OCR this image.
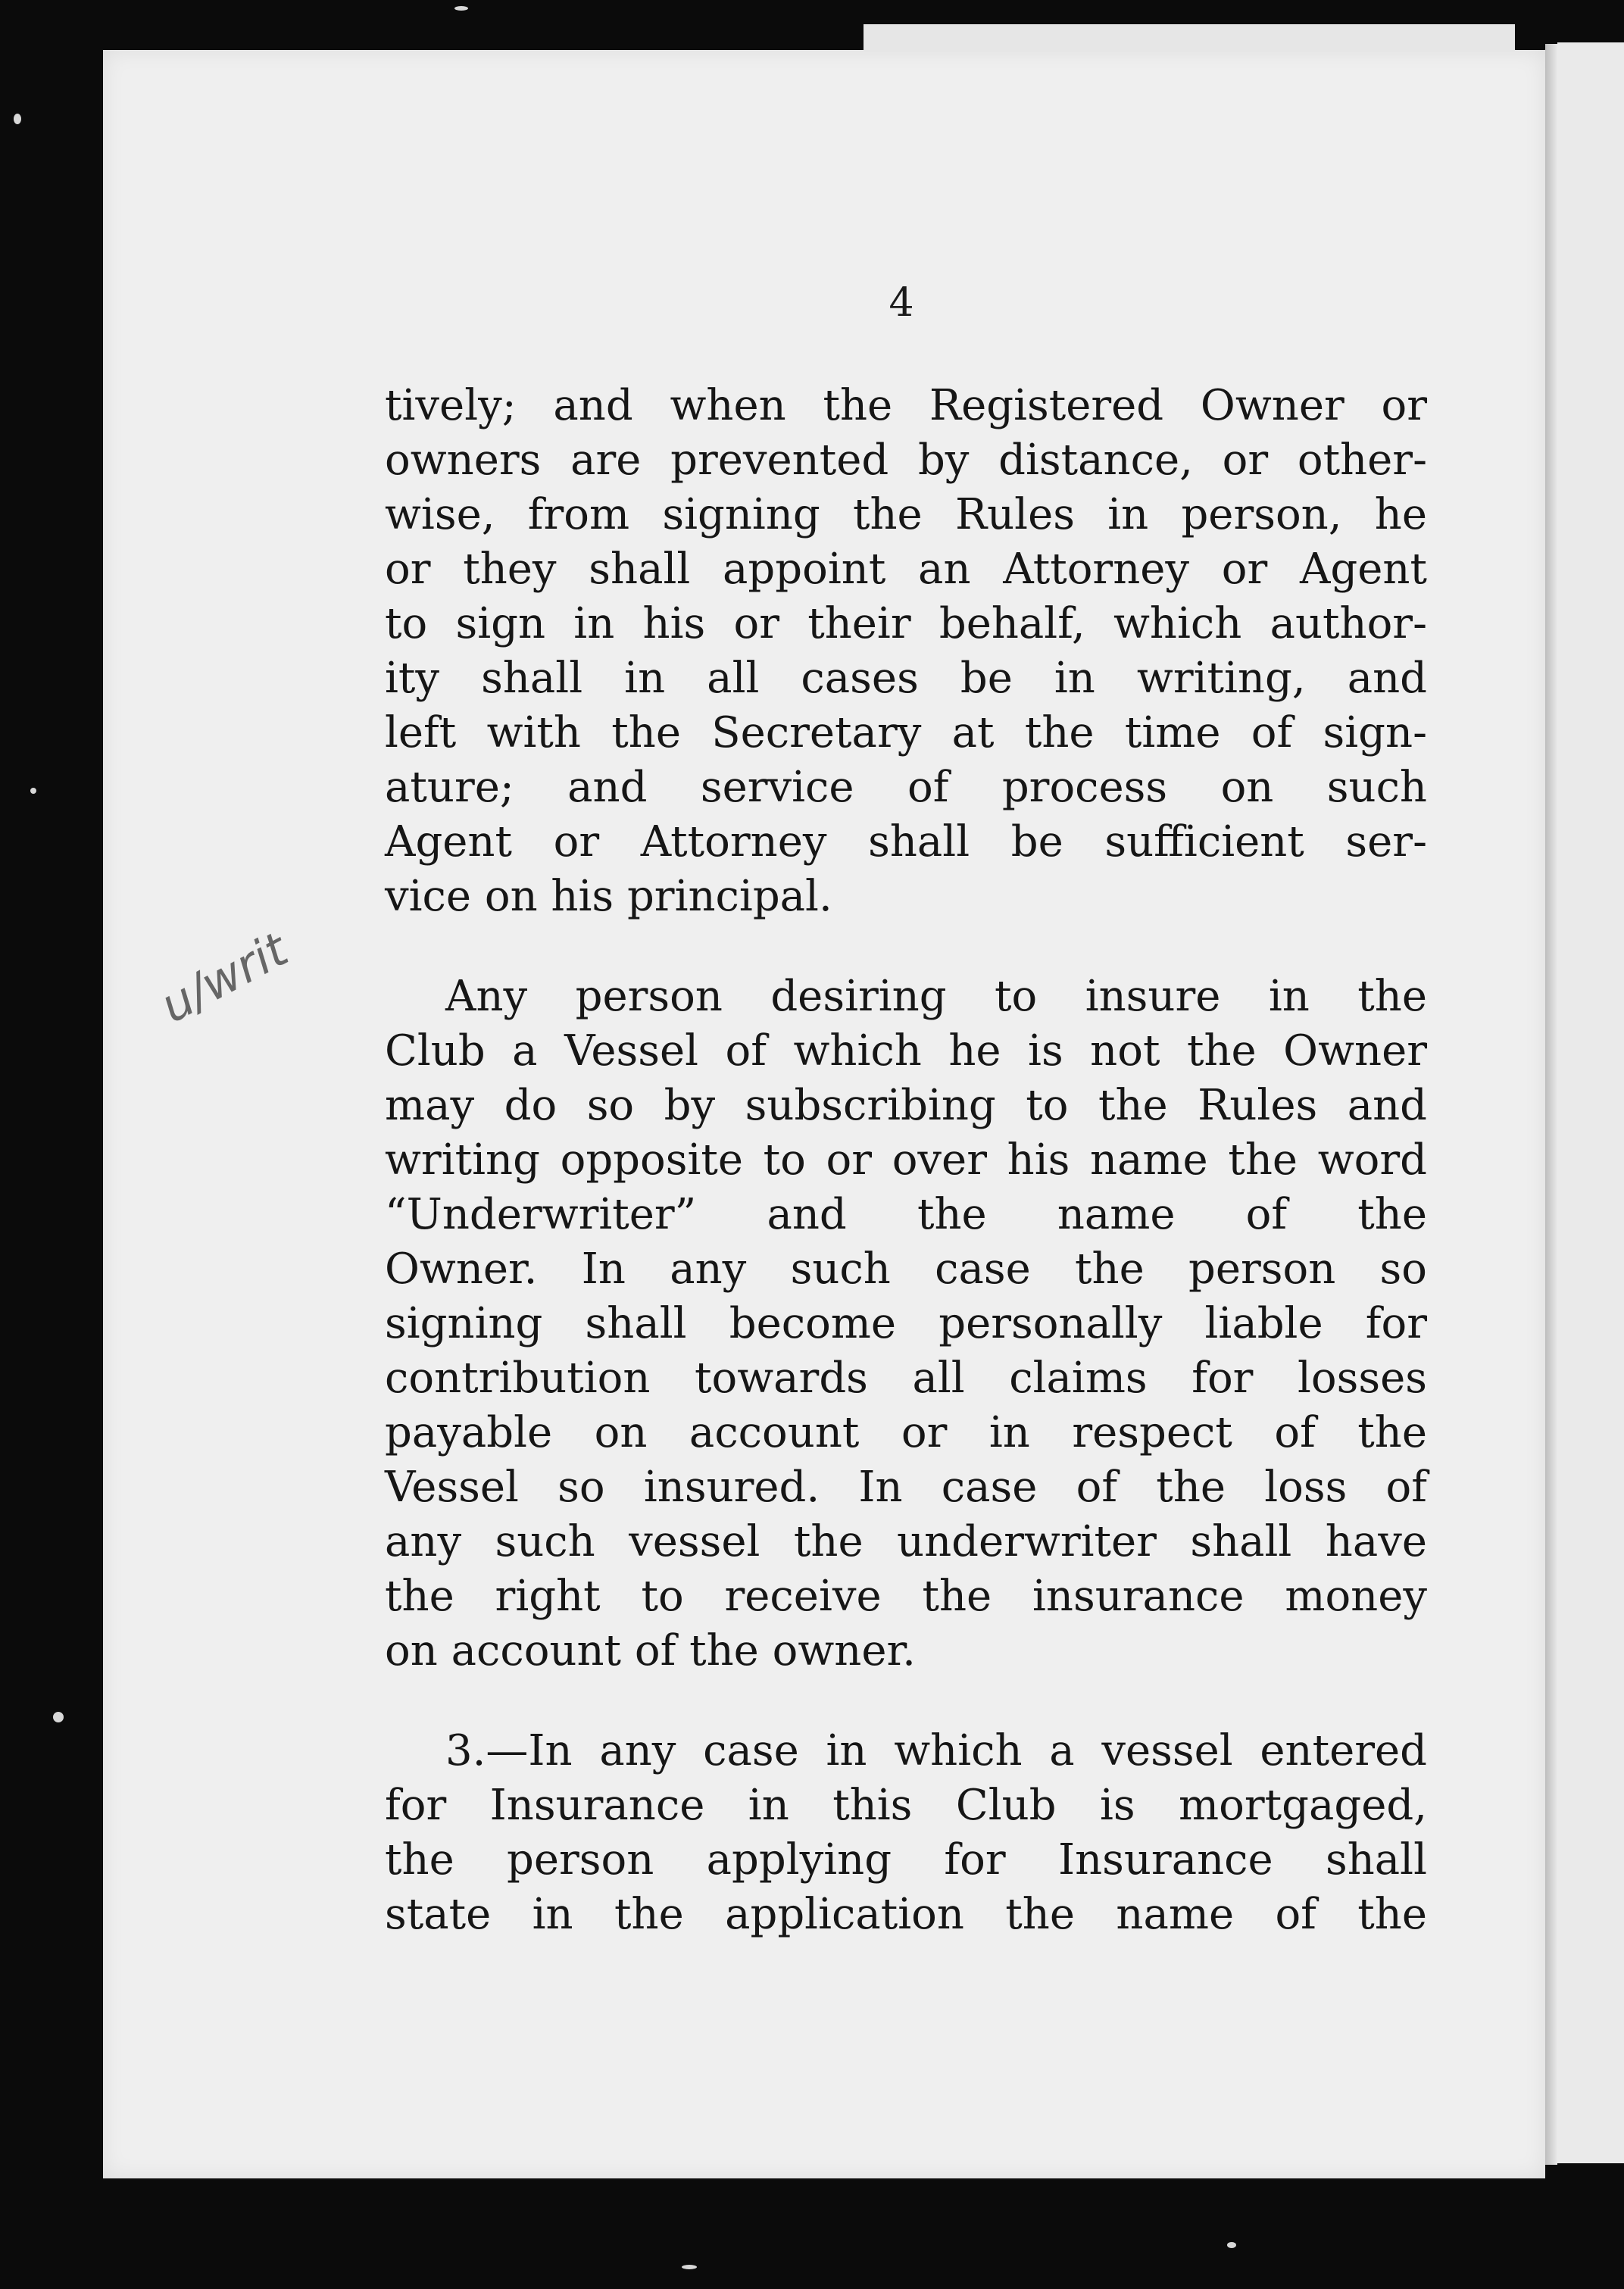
4
u/writ
tively; and when the Registered Owner or
owners are prevented by distance, or other-
wise, from signing the Rules in person, he
or they shall appoint an Attorney or Agent
to sign in his or their behalf, which author-
ity shall in all cases be in writing, and
left with the Secretary at the time of sign-
ature; and service of process on such
Agent or Attorney shall be sufficient ser-
vice on his principal.
Any person desiring to insure in the
Club a Vessel of which he is not the Owner
may do so by subscribing to the Rules and
writing opposite to or over his name the word
“Underwriter” and the name of the
Owner. In any such case the person so
signing shall become personally liable for
contribution towards all claims for losses
payable on account or in respect of the
Vessel so insured. In case of the loss of
any such vessel the underwriter shall have
the right to receive the insurance money
on account of the owner.
3.—In any case in which a vessel entered
for Insurance in this Club is mortgaged,
the person applying for Insurance shall
state in the application the name of the
